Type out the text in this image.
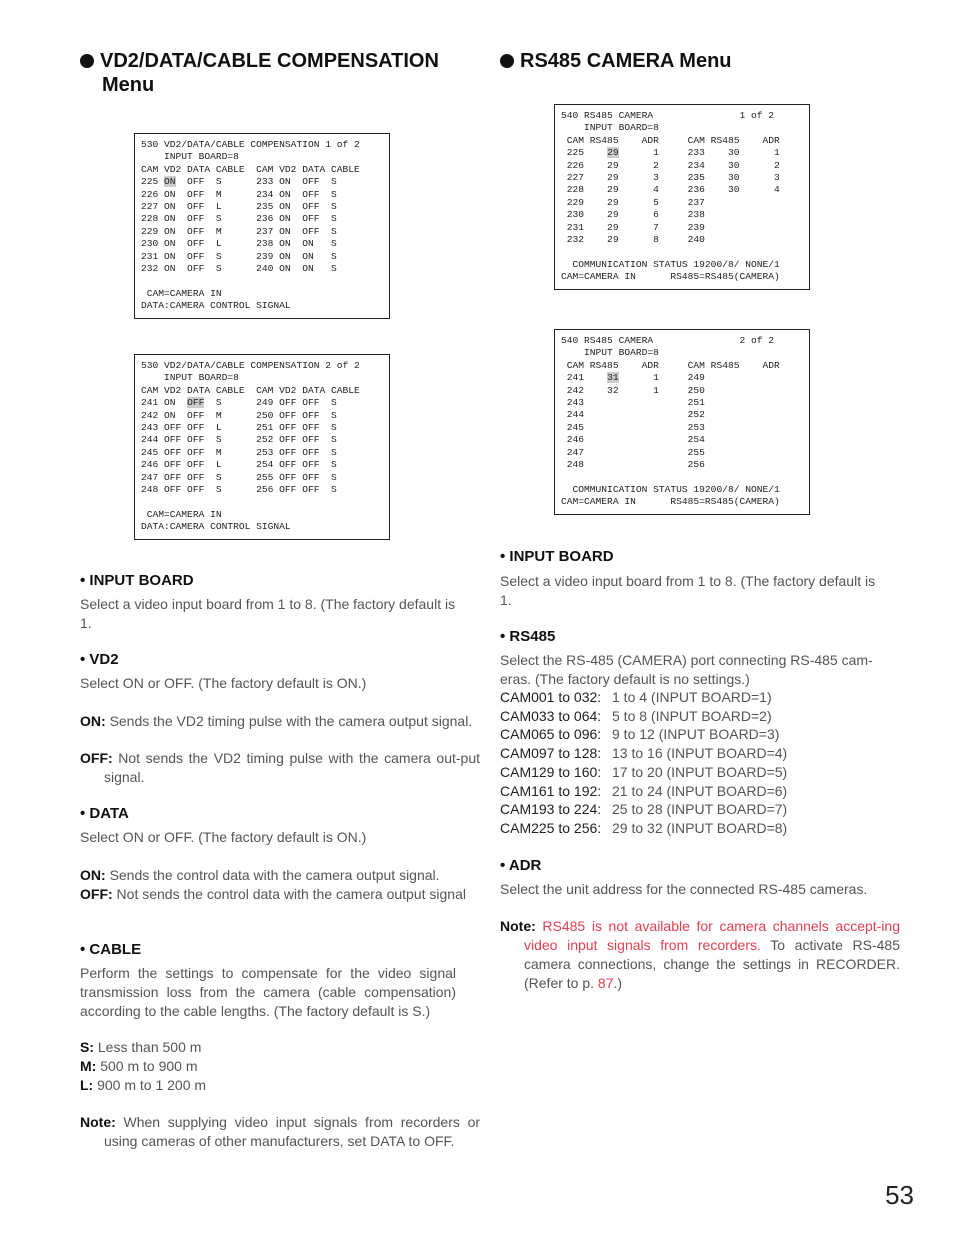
VD2/DATA/CABLE COMPENSATION
Menu
530 VD2/DATA/CABLE COMPENSATION 1 of 2
INPUT BOARD=8
CAM VD2 DATA CABLE  CAM VD2 DATA CABLE
225 ON  OFF  S      233 ON  OFF  S
226 ON  OFF  M      234 ON  OFF  S
227 ON  OFF  L      235 ON  OFF  S
228 ON  OFF  S      236 ON  OFF  S
229 ON  OFF  M      237 ON  OFF  S
230 ON  OFF  L      238 ON  ON   S
231 ON  OFF  S      239 ON  ON   S
232 ON  OFF  S      240 ON  ON   S
CAM=CAMERA IN
DATA:CAMERA CONTROL SIGNAL
530 VD2/DATA/CABLE COMPENSATION 2 of 2
INPUT BOARD=8
CAM VD2 DATA CABLE  CAM VD2 DATA CABLE
241 ON  OFF  S      249 OFF OFF  S
242 ON  OFF  M      250 OFF OFF  S
243 OFF OFF  L      251 OFF OFF  S
244 OFF OFF  S      252 OFF OFF  S
245 OFF OFF  M      253 OFF OFF  S
246 OFF OFF  L      254 OFF OFF  S
247 OFF OFF  S      255 OFF OFF  S
248 OFF OFF  S      256 OFF OFF  S
CAM=CAMERA IN
DATA:CAMERA CONTROL SIGNAL
• INPUT BOARD
Select a video input board from 1 to 8. (The factory default is 1.
• VD2
Select ON or OFF. (The factory default is ON.)
ON: Sends the VD2 timing pulse with the camera output signal.
OFF: Not sends the VD2 timing pulse with the camera out-put signal.
• DATA
Select ON or OFF. (The factory default is ON.)
ON: Sends the control data with the camera output signal.
OFF: Not sends the control data with the camera output signal
• CABLE
Perform the settings to compensate for the video signal transmission loss from the camera (cable compensation) according to the cable lengths. (The factory default is S.)
S: Less than 500 m
M: 500 m to 900 m
L: 900 m to 1 200 m
Note: When supplying video input signals from recorders or using cameras of other manufacturers, set DATA to OFF.
RS485 CAMERA Menu
540 RS485 CAMERA               1 of 2
INPUT BOARD=8
CAM RS485    ADR     CAM RS485    ADR
225    29      1     233    30      1
226    29      2     234    30      2
227    29      3     235    30      3
228    29      4     236    30      4
229    29      5     237
230    29      6     238
231    29      7     239
232    29      8     240
COMMUNICATION STATUS 19200/8/ NONE/1
CAM=CAMERA IN      RS485=RS485(CAMERA)
540 RS485 CAMERA               2 of 2
INPUT BOARD=8
CAM RS485    ADR     CAM RS485    ADR
241    31      1     249
242    32      1     250
243                  251
244                  252
245                  253
246                  254
247                  255
248                  256
COMMUNICATION STATUS 19200/8/ NONE/1
CAM=CAMERA IN      RS485=RS485(CAMERA)
• INPUT BOARD
Select a video input board from 1 to 8. (The factory default is 1.
• RS485
Select the RS-485 (CAMERA) port connecting RS-485 cam-eras. (The factory default is no settings.)
CAM001 to 032: 1 to 4 (INPUT BOARD=1)
CAM033 to 064: 5 to 8 (INPUT BOARD=2)
CAM065 to 096: 9 to 12 (INPUT BOARD=3)
CAM097 to 128: 13 to 16 (INPUT BOARD=4)
CAM129 to 160: 17 to 20 (INPUT BOARD=5)
CAM161 to 192: 21 to 24 (INPUT BOARD=6)
CAM193 to 224: 25 to 28 (INPUT BOARD=7)
CAM225 to 256: 29 to 32 (INPUT BOARD=8)
• ADR
Select the unit address for the connected RS-485 cameras.
Note: RS485 is not available for camera channels accept-ing video input signals from recorders. To activate RS-485 camera connections, change the settings in RECORDER. (Refer to p. 87.)
53
